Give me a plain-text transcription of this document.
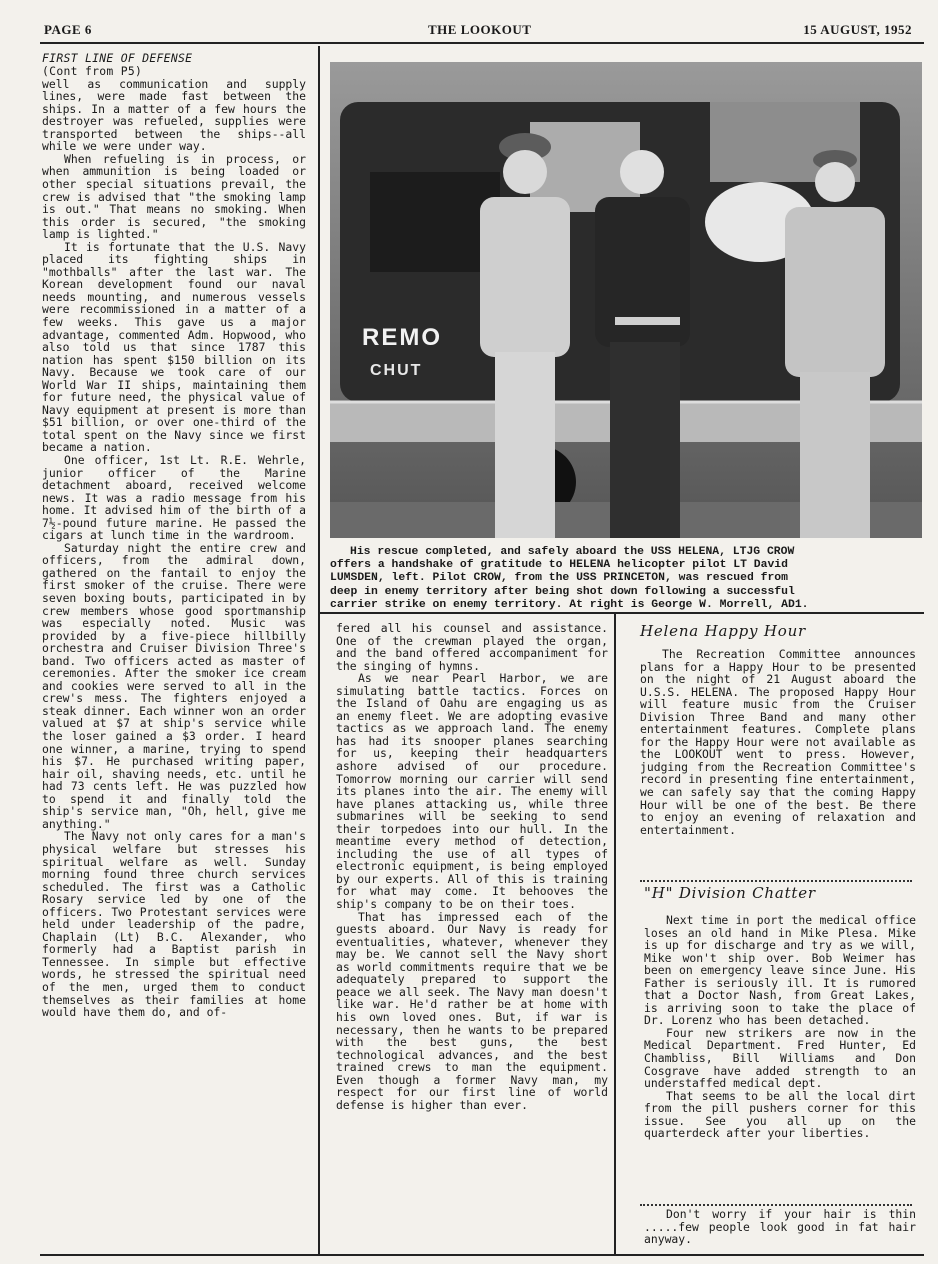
PAGE 6	THE LOOKOUT	15 AUGUST, 1952
FIRST LINE OF DEFENSE
(Cont from P5)

well as communication and supply lines, were made fast between the ships. In a matter of a few hours the destroyer was refueled, supplies were transported between the ships--all while we were under way.

When refueling is in process, or when ammunition is being loaded or other special situations prevail, the crew is advised that "the smoking lamp is out." That means no smoking. When this order is secured, "the smoking lamp is lighted."

It is fortunate that the U.S. Navy placed its fighting ships in "mothballs" after the last war. The Korean development found our naval needs mounting, and numerous vessels were recommissioned in a matter of a few weeks. This gave us a major advantage, commented Adm. Hopwood, who also told us that since 1787 this nation has spent $150 billion on its Navy. Because we took care of our World War II ships, maintaining them for future need, the physical value of Navy equipment at present is more than $51 billion, or over one-third of the total spent on the Navy since we first became a nation.

One officer, 1st Lt. R.E. Wehrle, junior officer of the Marine detachment aboard, received welcome news. It was a radio message from his home. It advised him of the birth of a 7½-pound future marine. He passed the cigars at lunch time in the wardroom.

Saturday night the entire crew and officers, from the admiral down, gathered on the fantail to enjoy the first smoker of the cruise. There were seven boxing bouts, participated in by crew members whose good sportmanship was especially noted. Music was provided by a five-piece hillbilly orchestra and Cruiser Division Three's band. Two officers acted as master of ceremonies. After the smoker ice cream and cookies were served to all in the crew's mess. The fighters enjoyed a steak dinner. Each winner won an order valued at $7 at ship's service while the loser gained a $3 order. I heard one winner, a marine, trying to spend his $7. He purchased writing paper, hair oil, shaving needs, etc. until he had 73 cents left. He was puzzled how to spend it and finally told the ship's service man, "Oh, hell, give me anything."

The Navy not only cares for a man's physical welfare but stresses his spiritual welfare as well. Sunday morning found three church services scheduled. The first was a Catholic Rosary service led by one of the officers. Two Protestant services were held under leadership of the padre, Chaplain (Lt) B.C. Alexander, who formerly had a Baptist parish in Tennessee. In simple but effective words, he stressed the spiritual need of the men, urged them to conduct themselves as their families at home would have them do, and of-

REMO
CHUT
His rescue completed, and safely aboard the USS HELENA, LTJG CROW
offers a handshake of gratitude to HELENA helicopter pilot LT David
LUMSDEN, left. Pilot CROW, from the USS PRINCETON, was rescued from
deep in enemy territory after being shot down following a successful
carrier strike on enemy territory. At right is George W. Morrell, AD1.

fered all his counsel and assistance. One of the crewman played the organ, and the band offered accompaniment for the singing of hymns.

As we near Pearl Harbor, we are simulating battle tactics. Forces on the Island of Oahu are engaging us as an enemy fleet. We are adopting evasive tactics as we approach land. The enemy has had its snooper planes searching for us, keeping their headquarters ashore advised of our procedure. Tomorrow morning our carrier will send its planes into the air. The enemy will have planes attacking us, while three submarines will be seeking to send their torpedoes into our hull. In the meantime every method of detection, including the use of all types of electronic equipment, is being employed by our experts. All of this is training for what may come. It behooves the ship's company to be on their toes.

That has impressed each of the guests aboard. Our Navy is ready for eventualities, whatever, whenever they may be. We cannot sell the Navy short as world commitments require that we be adequately prepared to support the peace we all seek. The Navy man doesn't like war. He'd rather be at home with his own loved ones. But, if war is necessary, then he wants to be prepared with the best guns, the best technological advances, and the best trained crews to man the equipment. Even though a former Navy man, my respect for our first line of world defense is higher than ever.

Helena Happy Hour

The Recreation Committee announces plans for a Happy Hour to be presented on the night of 21 August aboard the U.S.S. HELENA. The proposed Happy Hour will feature music from the Cruiser Division Three Band and many other entertainment features. Complete plans for the Happy Hour were not available as the LOOKOUT went to press. However, judging from the Recreation Committee's record in presenting fine entertainment, we can safely say that the coming Happy Hour will be one of the best. Be there to enjoy an evening of relaxation and entertainment.

"H" Division Chatter

Next time in port the medical office loses an old hand in Mike Plesa. Mike is up for discharge and try as we will, Mike won't ship over. Bob Weimer has been on emergency leave since June. His Father is seriously ill. It is rumored that a Doctor Nash, from Great Lakes, is arriving soon to take the place of Dr. Lorenz who has been detached.

Four new strikers are now in the Medical Department. Fred Hunter, Ed Chambliss, Bill Williams and Don Cosgrave have added strength to an understaffed medical dept.

That seems to be all the local dirt from the pill pushers corner for this issue. See you all up on the quarterdeck after your liberties.

Don't worry if your hair is thin .....few people look good in fat hair anyway.
